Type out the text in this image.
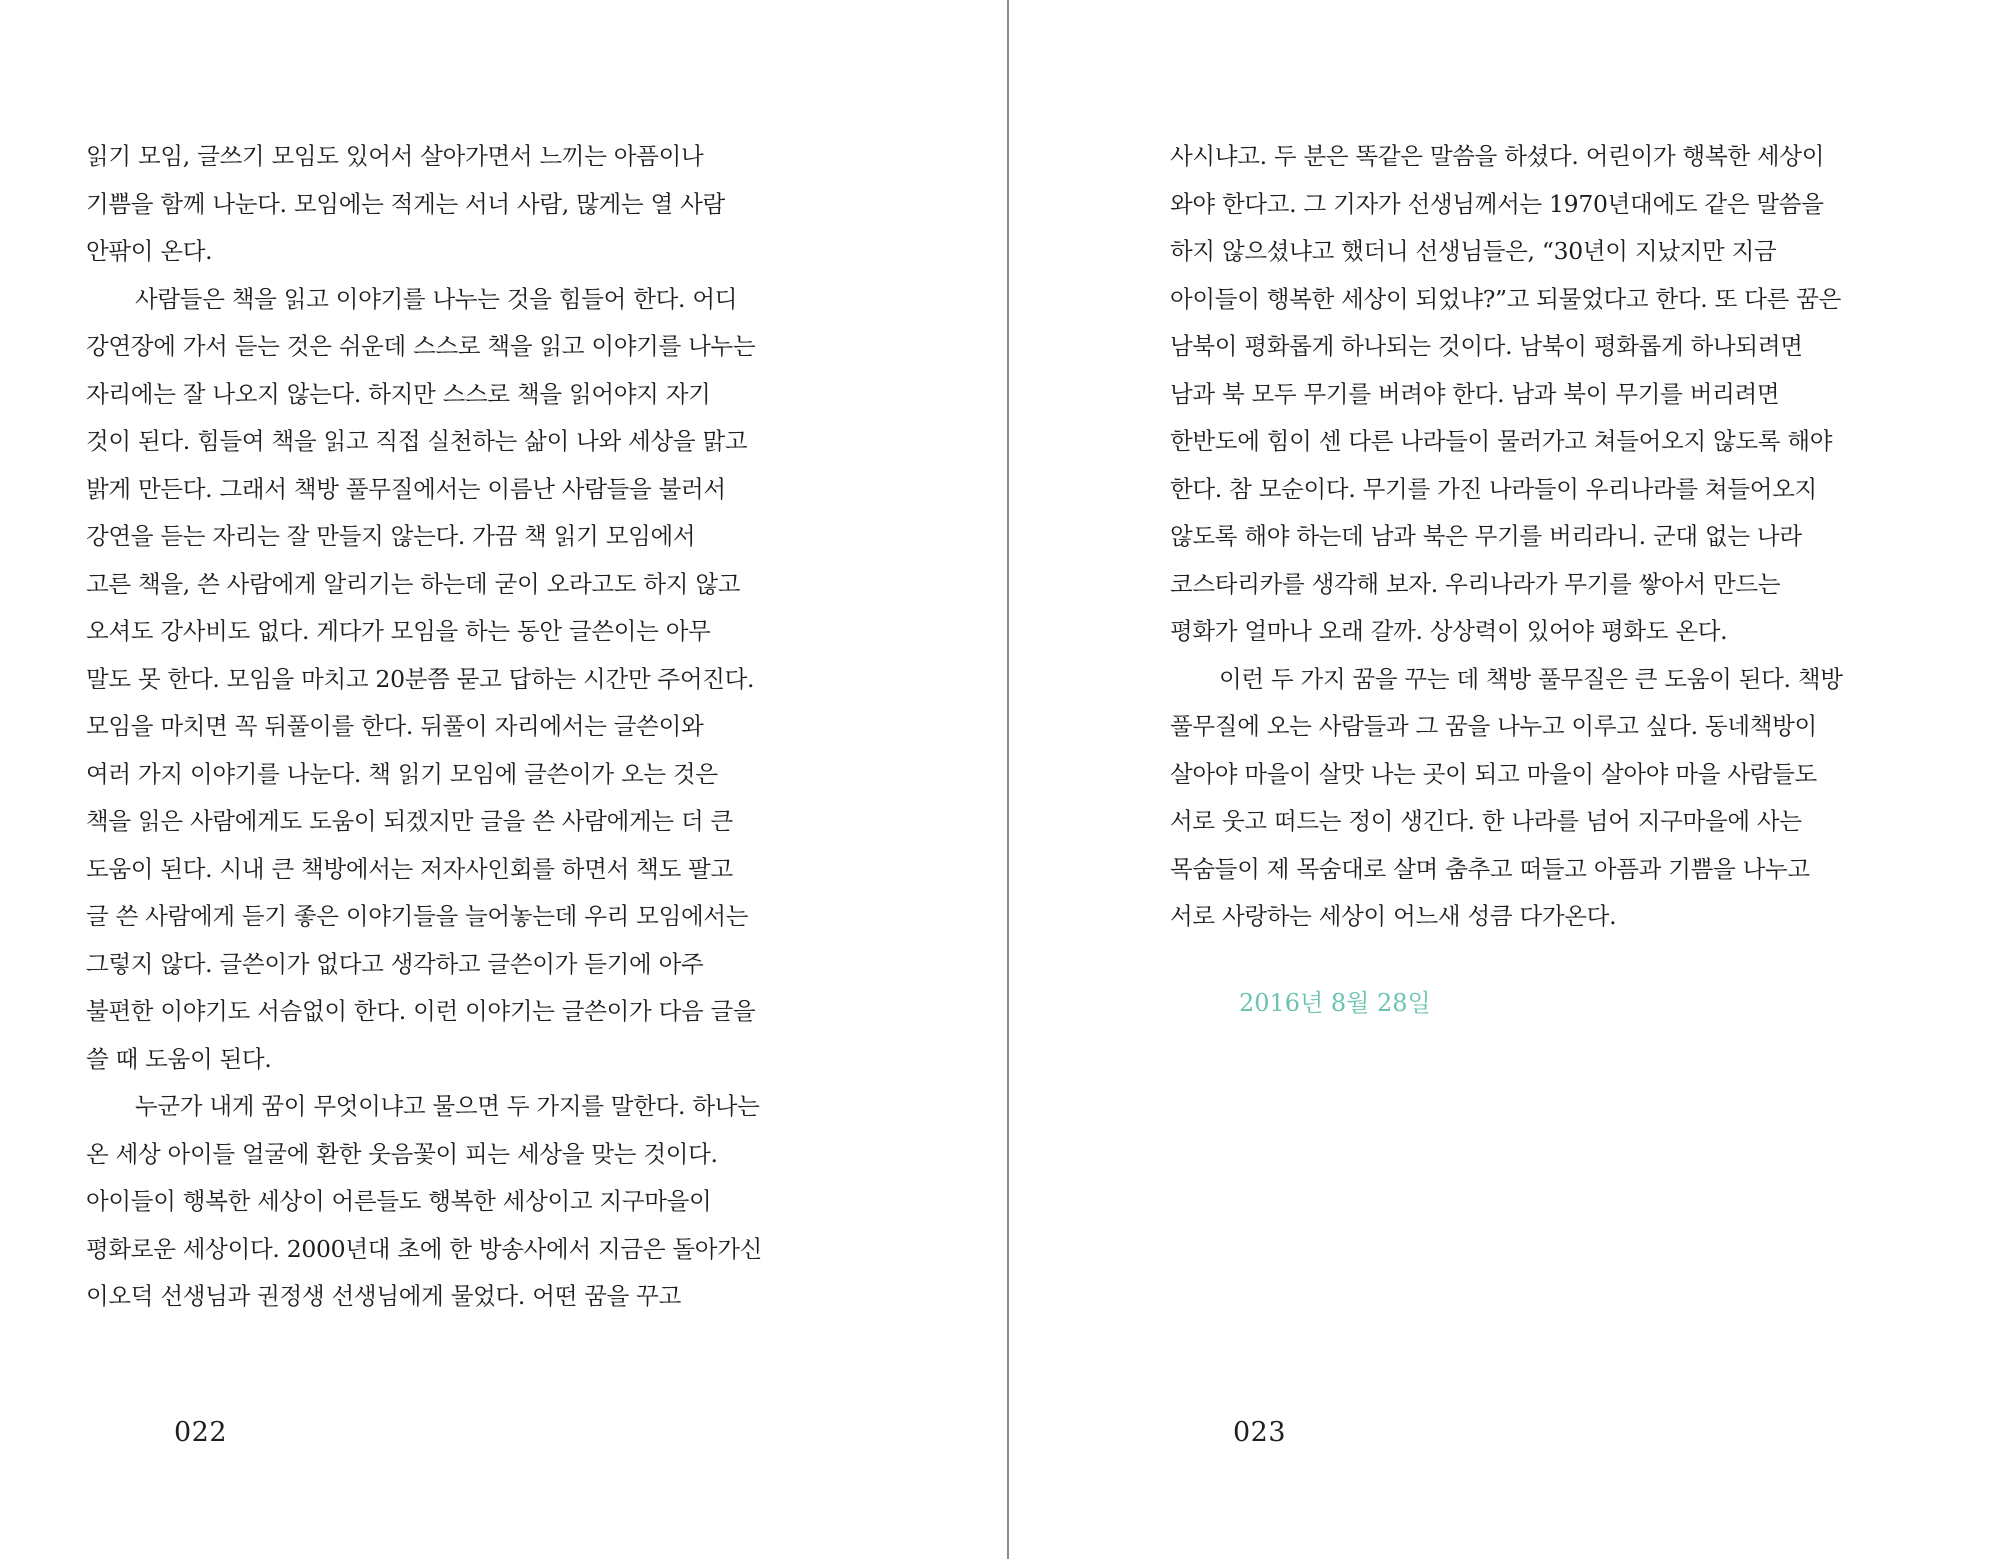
읽기 모임, 글쓰기 모임도 있어서 살아가면서 느끼는 아픔이나
기쁨을 함께 나눈다. 모임에는 적게는 서너 사람, 많게는 열 사람
안팎이 온다.
사람들은 책을 읽고 이야기를 나누는 것을 힘들어 한다. 어디
강연장에 가서 듣는 것은 쉬운데 스스로 책을 읽고 이야기를 나누는
자리에는 잘 나오지 않는다. 하지만 스스로 책을 읽어야지 자기
것이 된다. 힘들여 책을 읽고 직접 실천하는 삶이 나와 세상을 맑고
밝게 만든다. 그래서 책방 풀무질에서는 이름난 사람들을 불러서
강연을 듣는 자리는 잘 만들지 않는다. 가끔 책 읽기 모임에서
고른 책을, 쓴 사람에게 알리기는 하는데 굳이 오라고도 하지 않고
오셔도 강사비도 없다. 게다가 모임을 하는 동안 글쓴이는 아무
말도 못 한다. 모임을 마치고 20분쯤 묻고 답하는 시간만 주어진다.
모임을 마치면 꼭 뒤풀이를 한다. 뒤풀이 자리에서는 글쓴이와
여러 가지 이야기를 나눈다. 책 읽기 모임에 글쓴이가 오는 것은
책을 읽은 사람에게도 도움이 되겠지만 글을 쓴 사람에게는 더 큰
도움이 된다. 시내 큰 책방에서는 저자사인회를 하면서 책도 팔고
글 쓴 사람에게 듣기 좋은 이야기들을 늘어놓는데 우리 모임에서는
그렇지 않다. 글쓴이가 없다고 생각하고 글쓴이가 듣기에 아주
불편한 이야기도 서슴없이 한다. 이런 이야기는 글쓴이가 다음 글을
쓸 때 도움이 된다.
누군가 내게 꿈이 무엇이냐고 물으면 두 가지를 말한다. 하나는
온 세상 아이들 얼굴에 환한 웃음꽃이 피는 세상을 맞는 것이다.
아이들이 행복한 세상이 어른들도 행복한 세상이고 지구마을이
평화로운 세상이다. 2000년대 초에 한 방송사에서 지금은 돌아가신
이오덕 선생님과 권정생 선생님에게 물었다. 어떤 꿈을 꾸고
022
사시냐고. 두 분은 똑같은 말씀을 하셨다. 어린이가 행복한 세상이
와야 한다고. 그 기자가 선생님께서는 1970년대에도 같은 말씀을
하지 않으셨냐고 했더니 선생님들은, “30년이 지났지만 지금
아이들이 행복한 세상이 되었냐?”고 되물었다고 한다. 또 다른 꿈은
남북이 평화롭게 하나되는 것이다. 남북이 평화롭게 하나되려면
남과 북 모두 무기를 버려야 한다. 남과 북이 무기를 버리려면
한반도에 힘이 센 다른 나라들이 물러가고 쳐들어오지 않도록 해야
한다. 참 모순이다. 무기를 가진 나라들이 우리나라를 쳐들어오지
않도록 해야 하는데 남과 북은 무기를 버리라니. 군대 없는 나라
코스타리카를 생각해 보자. 우리나라가 무기를 쌓아서 만드는
평화가 얼마나 오래 갈까. 상상력이 있어야 평화도 온다.
이런 두 가지 꿈을 꾸는 데 책방 풀무질은 큰 도움이 된다. 책방
풀무질에 오는 사람들과 그 꿈을 나누고 이루고 싶다. 동네책방이
살아야 마을이 살맛 나는 곳이 되고 마을이 살아야 마을 사람들도
서로 웃고 떠드는 정이 생긴다. 한 나라를 넘어 지구마을에 사는
목숨들이 제 목숨대로 살며 춤추고 떠들고 아픔과 기쁨을 나누고
서로 사랑하는 세상이 어느새 성큼 다가온다.
2016년 8월 28일
023
